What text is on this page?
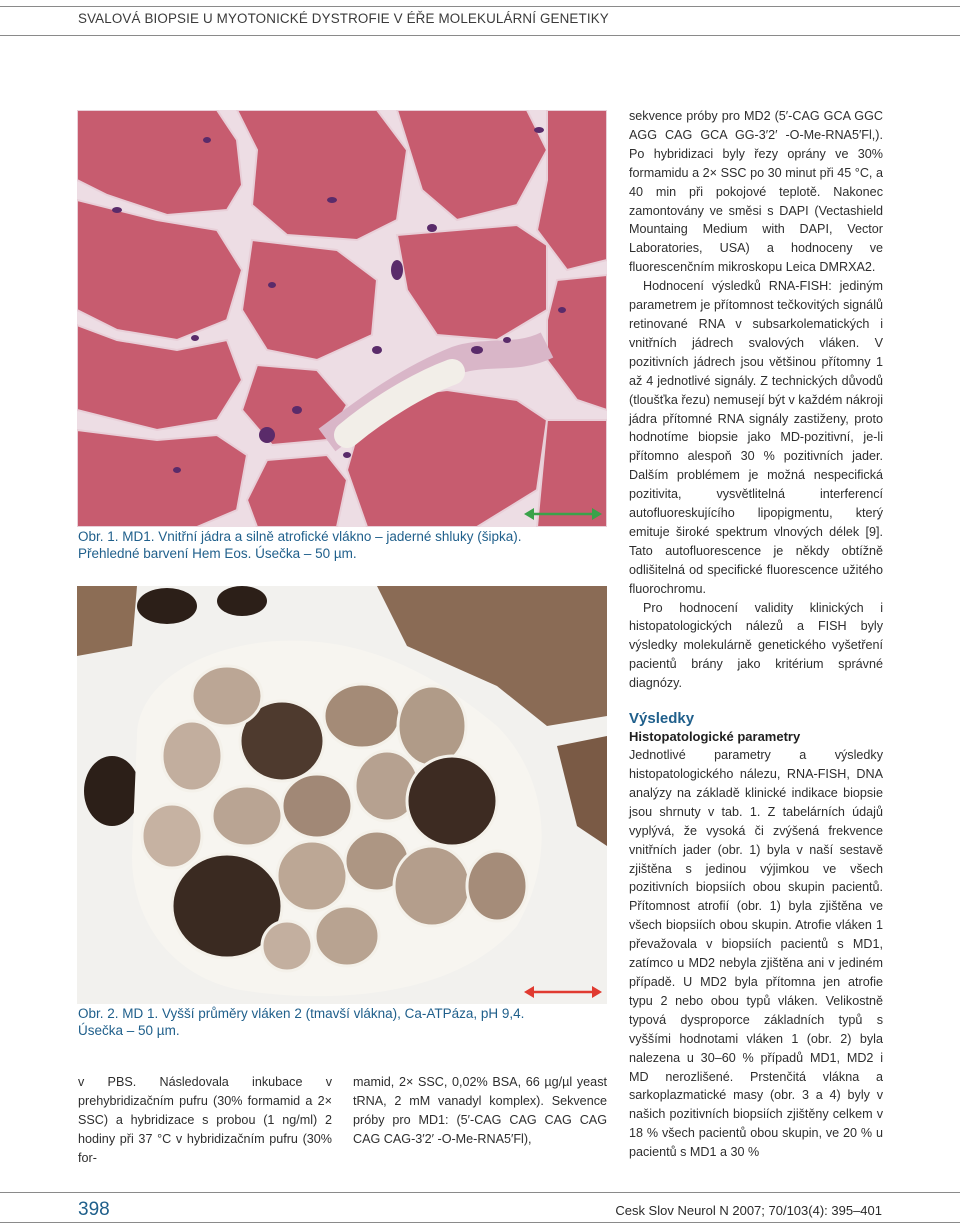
SVALOVÁ BIOPSIE U MYOTONICKÉ DYSTROFIE V ÉŘE MOLEKULÁRNÍ GENETIKY
Obr. 1. MD1. Vnitřní jádra a silně atrofické vlákno – jaderné shluky (šipka).
Přehledné barvení Hem Eos. Úsečka – 50 µm.
Obr. 2. MD 1. Vyšší průměry vláken 2 (tmavší vlákna), Ca-ATPáza, pH 9,4.
Úsečka – 50 µm.

v PBS. Následovala inkubace v prehybridizačním pufru (30% formamid a 2× SSC) a hybridizace s probou (1 ng/ml) 2 hodiny při 37 °C v hybridizačním pufru (30% for-

mamid, 2× SSC, 0,02% BSA, 66 µg/µl yeast tRNA, 2 mM vanadyl komplex). Sekvence próby pro MD1: (5′-CAG CAG CAG CAG CAG CAG-3′2′ -O-Me-RNA5′Fl),

sekvence próby pro MD2 (5′-CAG GCA GGC AGG CAG GCA GG-3′2′ -O-Me-RNA5′Fl,). Po hybridizaci byly řezy oprány ve 30% formamidu a 2× SSC po 30 minut při 45 °C, a 40 min při pokojové teplotě. Nakonec zamontovány ve směsi s DAPI (Vectashield Mountaing Medium with DAPI, Vector Laboratories, USA) a hodnoceny ve fluorescenčním mikroskopu Leica DMRXA2.

Hodnocení výsledků RNA-FISH: jediným parametrem je přítomnost tečkovitých signálů retinované RNA v subsarkolematických i vnitřních jádrech svalových vláken. V pozitivních jádrech jsou většinou přítomny 1 až 4 jednotlivé signály. Z technických důvodů (tloušťka řezu) nemusejí být v každém nákroji jádra přítomné RNA signály zastiženy, proto hodnotíme biopsie jako MD-pozitivní, je-li přítomno alespoň 30 % pozitivních jader. Dalším problémem je možná nespecifická pozitivita, vysvětlitelná interferencí autofluoreskujícího lipopigmentu, který emituje široké spektrum vlnových délek [9]. Tato autofluorescence je někdy obtížně odlišitelná od specifické fluorescence užitého fluorochromu.

Pro hodnocení validity klinických i histopatologických nálezů a FISH byly výsledky molekulárně genetického vyšetření pacientů brány jako kritérium správné diagnózy.

Výsledky

Histopatologické parametry

Jednotlivé parametry a výsledky histopatologického nálezu, RNA-FISH, DNA analýzy na základě klinické indikace biopsie jsou shrnuty v tab. 1. Z tabelárních údajů vyplývá, že vysoká či zvýšená frekvence vnitřních jader (obr. 1) byla v naší sestavě zjištěna s jedinou výjimkou ve všech pozitivních biopsiích obou skupin pacientů. Přítomnost atrofií (obr. 1) byla zjištěna ve všech biopsiích obou skupin. Atrofie vláken 1 převažovala v biopsiích pacientů s MD1, zatímco u MD2 nebyla zjištěna ani v jediném případě. U MD2 byla přítomna jen atrofie typu 2 nebo obou typů vláken. Velikostně typová dysproporce základních typů s vyššími hodnotami vláken 1 (obr. 2) byla nalezena u 30–60 % případů MD1, MD2 i MD nerozlišené. Prstenčitá vlákna a sarkoplazmatické masy (obr. 3 a 4) byly v našich pozitivních biopsiích zjištěny celkem v 18 % všech pacientů obou skupin, ve 20 % u pacientů s MD1 a 30 %

398	Cesk Slov Neurol N 2007; 70/103(4): 395–401
